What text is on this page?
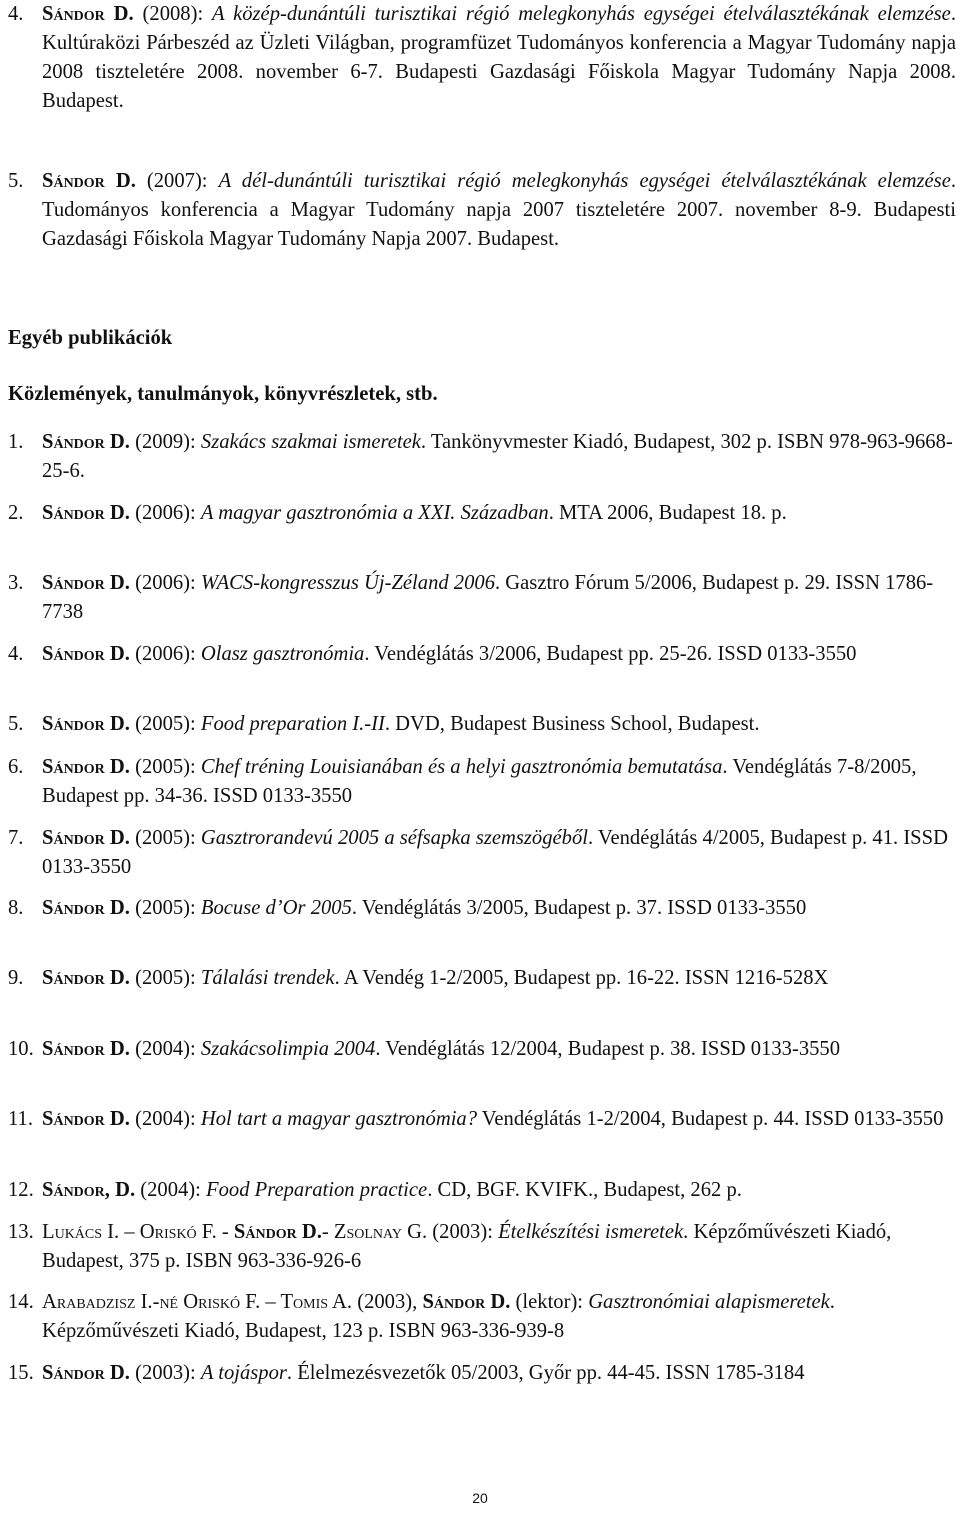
4. Sándor D. (2008): A közép-dunántúli turisztikai régió melegkonyhás egységei ételválasztékának elemzése. Kultúraközi Párbeszéd az Üzleti Világban, programfüzet Tudományos konferencia a Magyar Tudomány napja 2008 tiszteletére 2008. november 6-7. Budapesti Gazdasági Főiskola Magyar Tudomány Napja 2008. Budapest.
5. Sándor D. (2007): A dél-dunántúli turisztikai régió melegkonyhás egységei ételválasztékának elemzése. Tudományos konferencia a Magyar Tudomány napja 2007 tiszteletére 2007. november 8-9. Budapesti Gazdasági Főiskola Magyar Tudomány Napja 2007. Budapest.
Egyéb publikációk
Közlemények, tanulmányok, könyvrészletek, stb.
1. Sándor D. (2009): Szakács szakmai ismeretek. Tankönyvmester Kiadó, Budapest, 302 p. ISBN 978-963-9668-25-6.
2. Sándor D. (2006): A magyar gasztronómia a XXI. Században. MTA 2006, Budapest 18. p.
3. Sándor D. (2006): WACS-kongresszus Új-Zéland 2006. Gasztro Fórum 5/2006, Budapest p. 29. ISSN 1786-7738
4. Sándor D. (2006): Olasz gasztronómia. Vendéglátás 3/2006, Budapest pp. 25-26. ISSD 0133-3550
5. Sándor D. (2005): Food preparation I.-II. DVD, Budapest Business School, Budapest.
6. Sándor D. (2005): Chef tréning Louisianában és a helyi gasztronómia bemutatása. Vendéglátás 7-8/2005, Budapest pp. 34-36. ISSD 0133-3550
7. Sándor D. (2005): Gasztrorandevú 2005 a séfsapka szemszögéből. Vendéglátás 4/2005, Budapest p. 41. ISSD 0133-3550
8. Sándor D. (2005): Bocuse d’Or 2005. Vendéglátás 3/2005, Budapest p. 37. ISSD 0133-3550
9. Sándor D. (2005): Tálalási trendek. A Vendég 1-2/2005, Budapest pp. 16-22. ISSN 1216-528X
10. Sándor D. (2004): Szakácsolimpia 2004. Vendéglátás 12/2004, Budapest p. 38. ISSD 0133-3550
11. Sándor D. (2004): Hol tart a magyar gasztronómia? Vendéglátás 1-2/2004, Budapest p. 44. ISSD 0133-3550
12. Sándor, D. (2004): Food Preparation practice. CD, BGF. KVIFK., Budapest, 262 p.
13. Lukács I. – Oriskó F. - Sándor D.- Zsolnay G. (2003): Ételkészítési ismeretek. Képzőművészeti Kiadó, Budapest, 375 p. ISBN 963-336-926-6
14. Arabadzisz I.-né Oriskó F. – Tomis A. (2003), Sándor D. (lektor): Gasztronómiai alapismeretek. Képzőművészeti Kiadó, Budapest, 123 p. ISBN 963-336-939-8
15. Sándor D. (2003): A tojáspor. Élelmezésvezetők 05/2003, Győr pp. 44-45. ISSN 1785-3184
20
